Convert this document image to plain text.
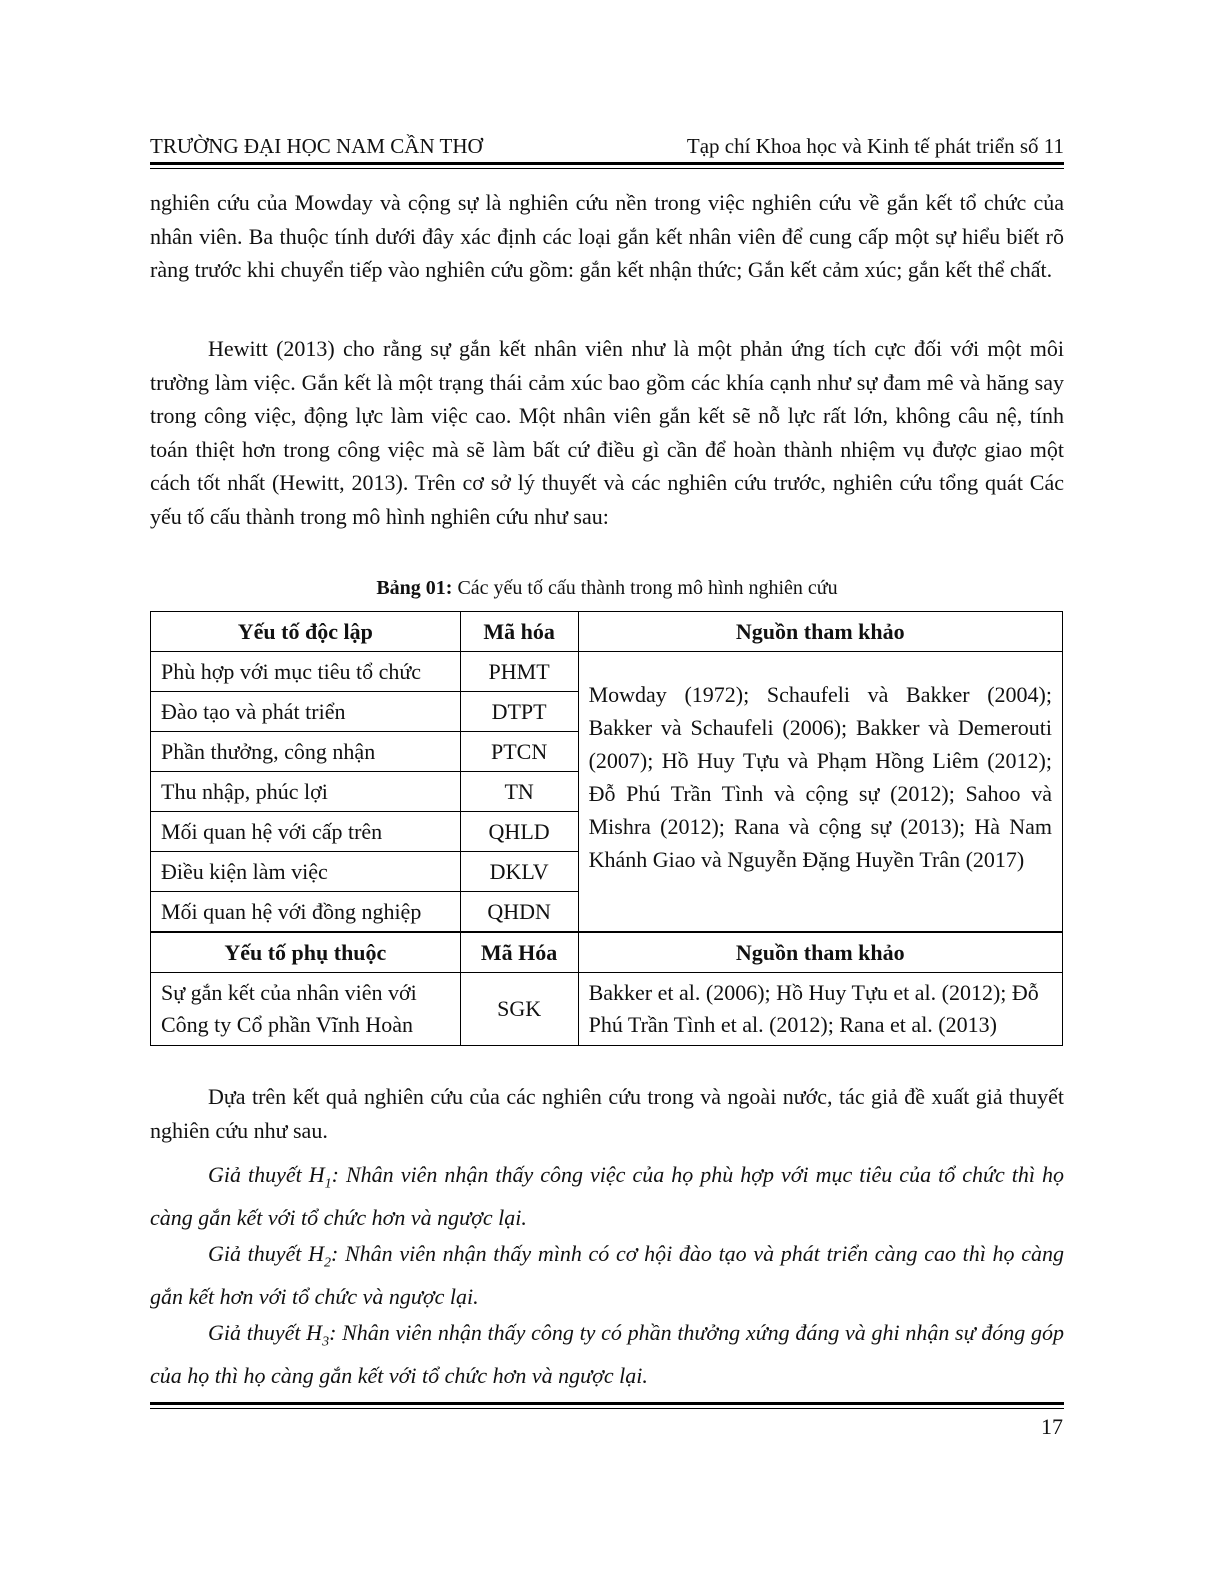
TRƯỜNG ĐẠI HỌC NAM CẦN THƠ	Tạp chí Khoa học và Kinh tế phát triển số 11

nghiên cứu của Mowday và cộng sự là nghiên cứu nền trong việc nghiên cứu về gắn kết tổ chức của nhân viên. Ba thuộc tính dưới đây xác định các loại gắn kết nhân viên để cung cấp một sự hiểu biết rõ ràng trước khi chuyển tiếp vào nghiên cứu gồm: gắn kết nhận thức; Gắn kết cảm xúc; gắn kết thể chất.

Hewitt (2013) cho rằng sự gắn kết nhân viên như là một phản ứng tích cực đối với một môi trường làm việc. Gắn kết là một trạng thái cảm xúc bao gồm các khía cạnh như sự đam mê và hăng say trong công việc, động lực làm việc cao. Một nhân viên gắn kết sẽ nỗ lực rất lớn, không câu nệ, tính toán thiệt hơn trong công việc mà sẽ làm bất cứ điều gì cần để hoàn thành nhiệm vụ được giao một cách tốt nhất (Hewitt, 2013). Trên cơ sở lý thuyết và các nghiên cứu trước, nghiên cứu tổng quát Các yếu tố cấu thành trong mô hình nghiên cứu như sau:

Bảng 01: Các yếu tố cấu thành trong mô hình nghiên cứu
Yếu tố độc lập	Mã hóa	Nguồn tham khảo
Phù hợp với mục tiêu tổ chức	PHMT	Mowday (1972); Schaufeli và Bakker (2004); Bakker và Schaufeli (2006); Bakker và Demerouti (2007); Hồ Huy Tựu và Phạm Hồng Liêm (2012); Đỗ Phú Trần Tình và cộng sự (2012); Sahoo và Mishra (2012); Rana và cộng sự (2013); Hà Nam Khánh Giao và Nguyễn Đặng Huyền Trân (2017)
Đào tạo và phát triển	DTPT	
Phần thưởng, công nhận	PTCN	
Thu nhập, phúc lợi	TN	
Mối quan hệ với cấp trên	QHLD	
Điều kiện làm việc	DKLV	
Mối quan hệ với đồng nghiệp	QHDN	
Yếu tố phụ thuộc	Mã Hóa	Nguồn tham khảo
Sự gắn kết của nhân viên với Công ty Cổ phần Vĩnh Hoàn	SGK	Bakker et al. (2006); Hồ Huy Tựu et al. (2012); Đỗ Phú Trần Tình et al. (2012); Rana et al. (2013)

Dựa trên kết quả nghiên cứu của các nghiên cứu trong và ngoài nước, tác giả đề xuất giả thuyết nghiên cứu như sau.

Giả thuyết $H_1$: Nhân viên nhận thấy công việc của họ phù hợp với mục tiêu của tổ chức thì họ càng gắn kết với tổ chức hơn và ngược lại.

Giả thuyết $H_2$: Nhân viên nhận thấy mình có cơ hội đào tạo và phát triển càng cao thì họ càng gắn kết hơn với tổ chức và ngược lại.

Giả thuyết $H_3$: Nhân viên nhận thấy công ty có phần thưởng xứng đáng và ghi nhận sự đóng góp của họ thì họ càng gắn kết với tổ chức hơn và ngược lại.

17
